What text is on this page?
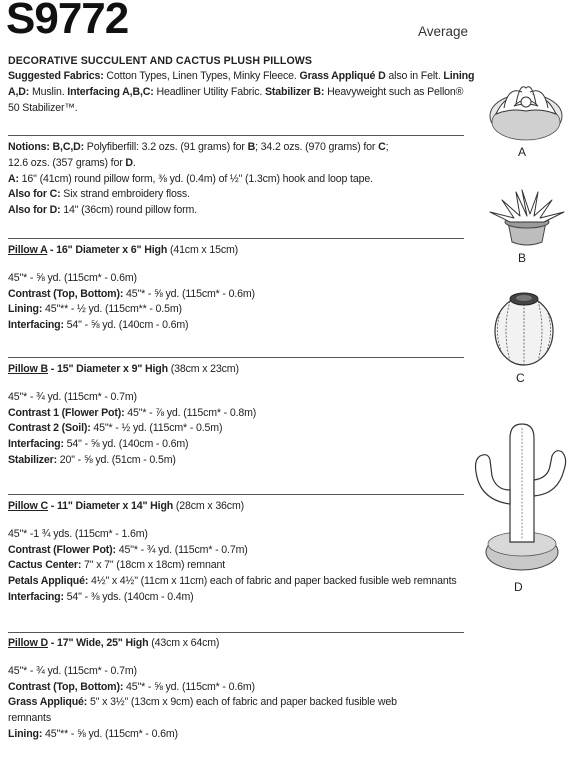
S9772	Average
DECORATIVE SUCCULENT AND CACTUS PLUSH PILLOWS

Suggested Fabrics: Cotton Types, Linen Types, Minky Fleece. Grass Appliqué D also in Felt. Lining

A,D: Muslin. Interfacing A,B,C: Headliner Utility Fabric. Stabilizer B: Heavyweight such as Pellon®

50 Stabilizer™.

Notions: B,C,D: Polyfiberfill: 3.2 ozs. (91 grams) for B; 34.2 ozs. (970 grams) for C;

12.6 ozs. (357 grams) for D.

A: 16" (41cm) round pillow form, ⅜ yd. (0.4m) of ½" (1.3cm) hook and loop tape.

Also for C: Six strand embroidery floss.

Also for D: 14" (36cm) round pillow form.

Pillow A - 16" Diameter x 6" High (41cm x 15cm)

45"* - ⅝ yd. (115cm* - 0.6m)

Contrast (Top, Bottom): 45"* - ⅝ yd. (115cm* - 0.6m)

Lining: 45"** - ½ yd. (115cm** - 0.5m)

Interfacing: 54" - ⅝ yd. (140cm - 0.6m)

Pillow B - 15" Diameter x 9" High (38cm x 23cm)

45"* - ¾ yd. (115cm* - 0.7m)

Contrast 1 (Flower Pot): 45"* - ⅞ yd. (115cm* - 0.8m)

Contrast 2 (Soil): 45"* - ½ yd. (115cm* - 0.5m)

Interfacing: 54" - ⅝ yd. (140cm - 0.6m)

Stabilizer: 20" - ⅝ yd. (51cm - 0.5m)

Pillow C - 11" Diameter x 14" High (28cm x 36cm)

45"* -1 ¾ yds. (115cm* - 1.6m)

Contrast (Flower Pot): 45"* - ¾ yd. (115cm* - 0.7m)

Cactus Center: 7" x 7" (18cm x 18cm) remnant

Petals Appliqué: 4½" x 4½" (11cm x 11cm) each of fabric and paper backed fusible web remnants

Interfacing: 54" - ⅜ yds. (140cm - 0.4m)

Pillow D - 17" Wide, 25" High (43cm x 64cm)

45"* - ¾ yd. (115cm* - 0.7m)

Contrast (Top, Bottom): 45"* - ⅝ yd. (115cm* - 0.6m)

Grass Appliqué: 5" x 3½" (13cm x 9cm) each of fabric and paper backed fusible web

remnants

Lining: 45"** - ⅝ yd. (115cm* - 0.6m)

A
B
C
D
